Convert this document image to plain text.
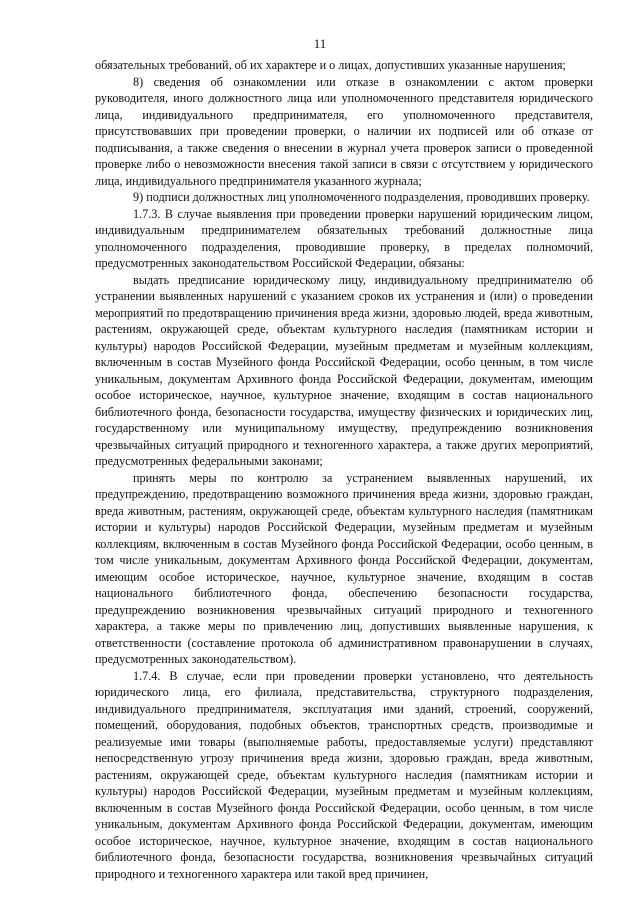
11

обязательных требований, об их характере и о лицах, допустивших указанные нарушения;

8) сведения об ознакомлении или отказе в ознакомлении с актом проверки руководителя, иного должностного лица или уполномоченного представителя юридического лица, индивидуального предпринимателя, его уполномоченного представителя, присутствовавших при проведении проверки, о наличии их подписей или об отказе от подписывания, а также сведения о внесении в журнал учета проверок записи о проведенной проверке либо о невозможности внесения такой записи в связи с отсутствием у юридического лица, индивидуального предпринимателя указанного журнала;

9) подписи должностных лиц уполномоченного подразделения, проводивших проверку.

1.7.3. В случае выявления при проведении проверки нарушений юридическим лицом, индивидуальным предпринимателем обязательных требований должностные лица уполномоченного подразделения, проводившие проверку, в пределах полномочий, предусмотренных законодательством Российской Федерации, обязаны:

выдать предписание юридическому лицу, индивидуальному предпринимателю об устранении выявленных нарушений с указанием сроков их устранения и (или) о проведении мероприятий по предотвращению причинения вреда жизни, здоровью людей, вреда животным, растениям, окружающей среде, объектам культурного наследия (памятникам истории и культуры) народов Российской Федерации, музейным предметам и музейным коллекциям, включенным в состав Музейного фонда Российской Федерации, особо ценным, в том числе уникальным, документам Архивного фонда Российской Федерации, документам, имеющим особое историческое, научное, культурное значение, входящим в состав национального библиотечного фонда, безопасности государства, имуществу физических и юридических лиц, государственному или муниципальному имуществу, предупреждению возникновения чрезвычайных ситуаций природного и техногенного характера, а также других мероприятий, предусмотренных федеральными законами;

принять меры по контролю за устранением выявленных нарушений, их предупреждению, предотвращению возможного причинения вреда жизни, здоровью граждан, вреда животным, растениям, окружающей среде, объектам культурного наследия (памятникам истории и культуры) народов Российской Федерации, музейным предметам и музейным коллекциям, включенным в состав Музейного фонда Российской Федерации, особо ценным, в том числе уникальным, документам Архивного фонда Российской Федерации, документам, имеющим особое историческое, научное, культурное значение, входящим в состав национального библиотечного фонда, обеспечению безопасности государства, предупреждению возникновения чрезвычайных ситуаций природного и техногенного характера, а также меры по привлечению лиц, допустивших выявленные нарушения, к ответственности (составление протокола об административном правонарушении в случаях, предусмотренных законодательством).

1.7.4. В случае, если при проведении проверки установлено, что деятельность юридического лица, его филиала, представительства, структурного подразделения, индивидуального предпринимателя, эксплуатация ими зданий, строений, сооружений, помещений, оборудования, подобных объектов, транспортных средств, производимые и реализуемые ими товары (выполняемые работы, предоставляемые услуги) представляют непосредственную угрозу причинения вреда жизни, здоровью граждан, вреда животным, растениям, окружающей среде, объектам культурного наследия (памятникам истории и культуры) народов Российской Федерации, музейным предметам и музейным коллекциям, включенным в состав Музейного фонда Российской Федерации, особо ценным, в том числе уникальным, документам Архивного фонда Российской Федерации, документам, имеющим особое историческое, научное, культурное значение, входящим в состав национального библиотечного фонда, безопасности государства, возникновения чрезвычайных ситуаций природного и техногенного характера или такой вред причинен,
